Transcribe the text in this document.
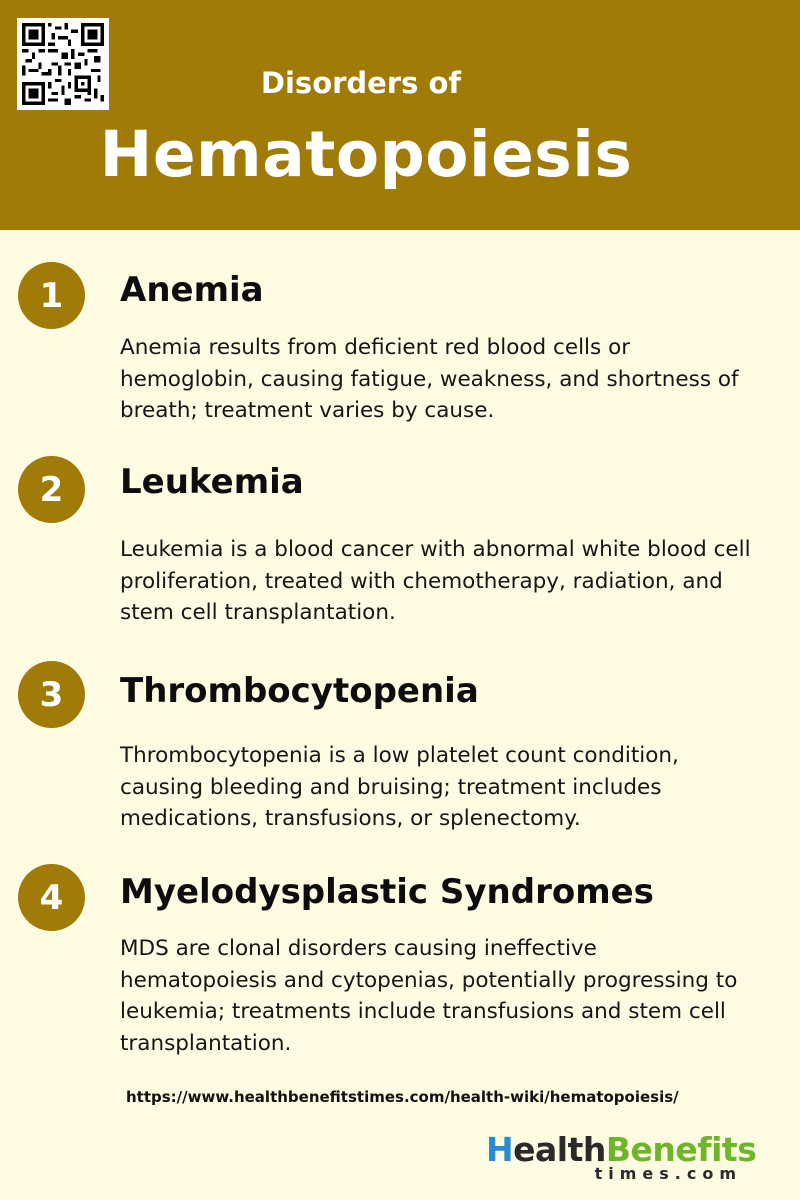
Disorders of
Hematopoiesis
1	Anemia
Anemia results from deficient red blood cells or hemoglobin, causing fatigue, weakness, and shortness of breath; treatment varies by cause.
2	Leukemia
Leukemia is a blood cancer with abnormal white blood cell proliferation, treated with chemotherapy, radiation, and stem cell transplantation.
3	Thrombocytopenia
Thrombocytopenia is a low platelet count condition, causing bleeding and bruising; treatment includes medications, transfusions, or splenectomy.
4	Myelodysplastic Syndromes
MDS are clonal disorders causing ineffective hematopoiesis and cytopenias, potentially progressing to leukemia; treatments include transfusions and stem cell transplantation.
https://www.healthbenefitstimes.com/health-wiki/hematopoiesis/
HealthBenefits
times.com
